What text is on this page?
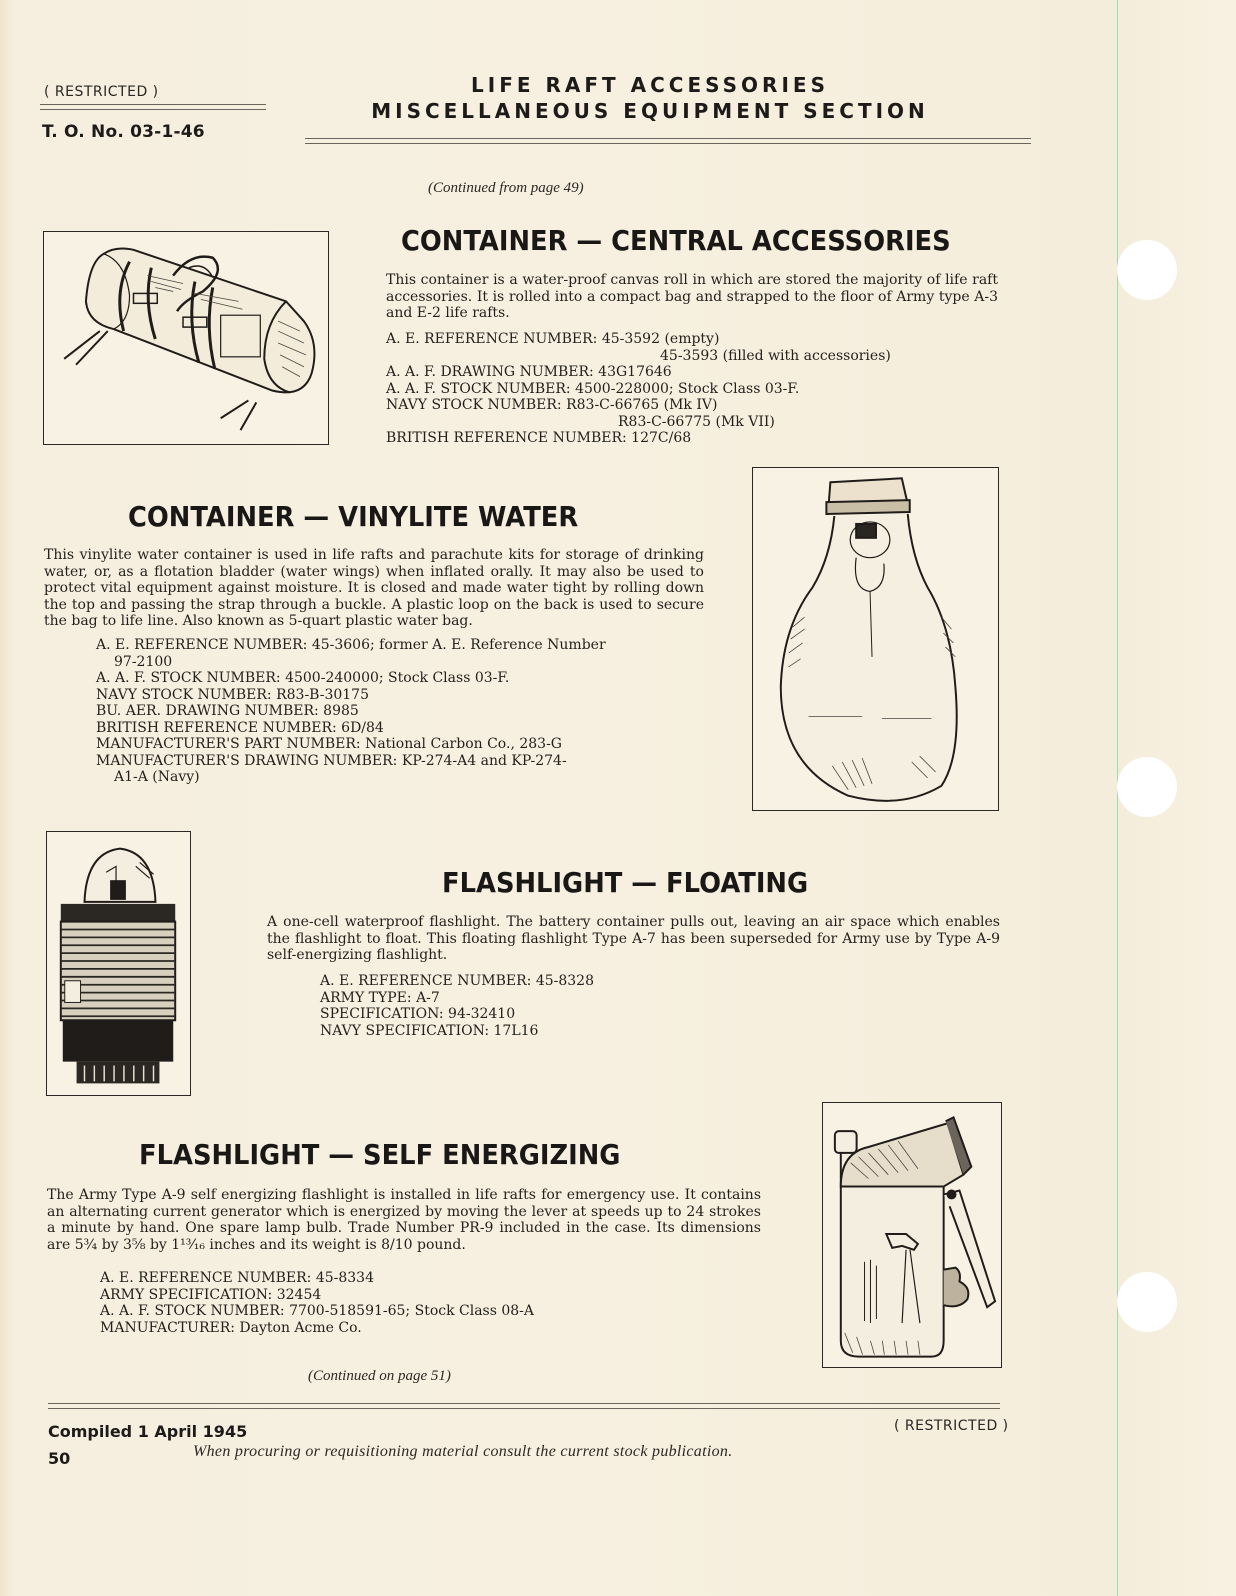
( RESTRICTED )
T. O. No. 03-1-46
LIFE RAFT ACCESSORIES
MISCELLANEOUS EQUIPMENT SECTION
(Continued from page 49)
CONTAINER — CENTRAL ACCESSORIES
This container is a water-proof canvas roll in which are stored the majority of life raft accessories. It is rolled into a compact bag and strapped to the floor of Army type A-3 and E-2 life rafts.
A. E. REFERENCE NUMBER: 45-3592 (empty)
45-3593 (filled with accessories)
A. A. F. DRAWING NUMBER: 43G17646
A. A. F. STOCK NUMBER: 4500-228000; Stock Class 03-F.
NAVY STOCK NUMBER: R83-C-66765 (Mk IV)
R83-C-66775 (Mk VII)
BRITISH REFERENCE NUMBER: 127C/68
CONTAINER — VINYLITE WATER
This vinylite water container is used in life rafts and parachute kits for storage of drinking water, or, as a flotation bladder (water wings) when inflated orally. It may also be used to protect vital equipment against moisture. It is closed and made water tight by rolling down the top and passing the strap through a buckle. A plastic loop on the back is used to secure the bag to life line. Also known as 5-quart plastic water bag.
A. E. REFERENCE NUMBER: 45-3606; former A. E. Reference Number
97-2100
A. A. F. STOCK NUMBER: 4500-240000; Stock Class 03-F.
NAVY STOCK NUMBER: R83-B-30175
BU. AER. DRAWING NUMBER: 8985
BRITISH REFERENCE NUMBER: 6D/84
MANUFACTURER'S PART NUMBER: National Carbon Co., 283-G
MANUFACTURER'S DRAWING NUMBER: KP-274-A4 and KP-274-
A1-A (Navy)
FLASHLIGHT — FLOATING
A one-cell waterproof flashlight. The battery container pulls out, leaving an air space which enables the flashlight to float. This floating flashlight Type A-7 has been superseded for Army use by Type A-9 self-energizing flashlight.
A. E. REFERENCE NUMBER: 45-8328
ARMY TYPE: A-7
SPECIFICATION: 94-32410
NAVY SPECIFICATION: 17L16
FLASHLIGHT — SELF ENERGIZING
The Army Type A-9 self energizing flashlight is installed in life rafts for emergency use. It contains an alternating current generator which is energized by moving the lever at speeds up to 24 strokes a minute by hand. One spare lamp bulb. Trade Number PR-9 included in the case. Its dimensions are 5¾ by 3⅝ by 1¹³⁄₁₆ inches and its weight is 8/10 pound.
A. E. REFERENCE NUMBER: 45-8334
ARMY SPECIFICATION: 32454
A. A. F. STOCK NUMBER: 7700-518591-65; Stock Class 08-A
MANUFACTURER: Dayton Acme Co.
(Continued on page 51)
Compiled 1 April 1945	( RESTRICTED )
50	When procuring or requisitioning material consult the current stock publication.
